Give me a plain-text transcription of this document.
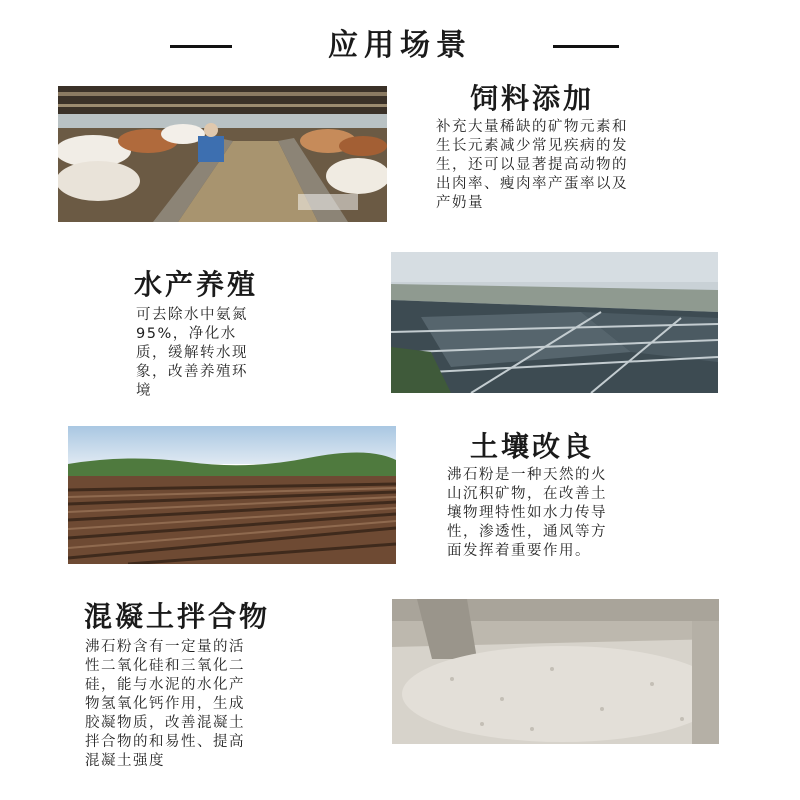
应用场景
饲料添加
补充大量稀缺的矿物元素和
生长元素减少常见疾病的发
生，还可以显著提高动物的
出肉率、瘦肉率产蛋率以及
产奶量
水产养殖
可去除水中氨氮
95%，净化水
质，缓解转水现
象，改善养殖环
境
土壤改良
沸石粉是一种天然的火
山沉积矿物，在改善土
壤物理特性如水力传导
性，渗透性，通风等方
面发挥着重要作用。
混凝土拌合物
沸石粉含有一定量的活
性二氧化硅和三氧化二
硅，能与水泥的水化产
物氢氧化钙作用，生成
胶凝物质，改善混凝土
拌合物的和易性、提高
混凝土强度
